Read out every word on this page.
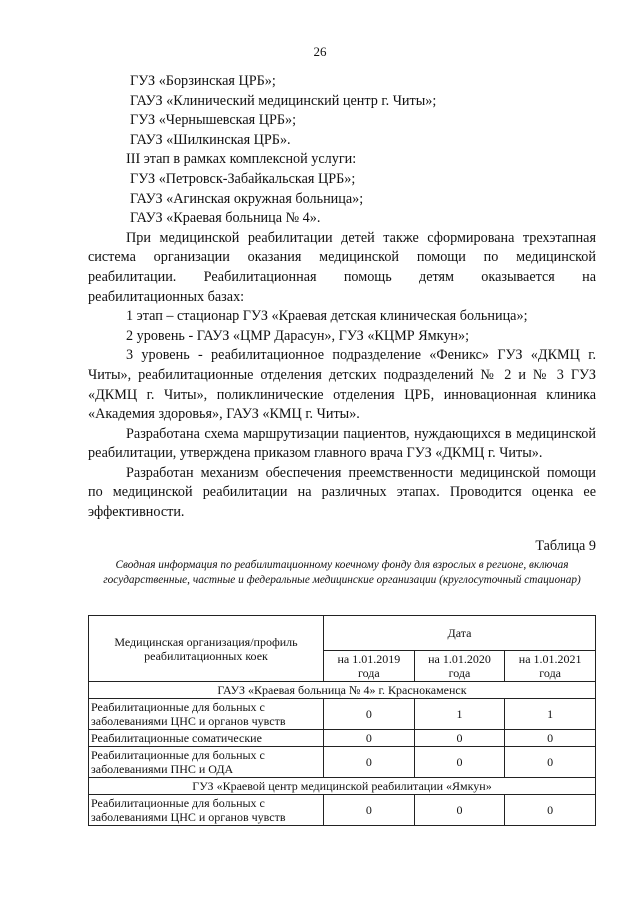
26

ГУЗ «Борзинская ЦРБ»;

ГАУЗ «Клинический медицинский центр г. Читы»;

ГУЗ «Чернышевская ЦРБ»;

ГАУЗ «Шилкинская ЦРБ».

III этап в рамках комплексной услуги:

ГУЗ «Петровск-Забайкальская ЦРБ»;

ГАУЗ «Агинская окружная больница»;

ГАУЗ «Краевая больница № 4».

При медицинской реабилитации детей также сформирована трехэтапная система организации оказания медицинской помощи по медицинской реабилитации. Реабилитационная помощь детям оказывается на реабилитационных базах:

1 этап – стационар ГУЗ «Краевая детская клиническая больница»;

2 уровень - ГАУЗ «ЦМР Дарасун», ГУЗ «КЦМР Ямкун»;

3 уровень - реабилитационное подразделение «Феникс» ГУЗ «ДКМЦ г. Читы», реабилитационные отделения детских подразделений № 2 и № 3 ГУЗ «ДКМЦ г. Читы», поликлинические отделения ЦРБ, инновационная клиника «Академия здоровья», ГАУЗ «КМЦ г. Читы».

Разработана схема маршрутизации пациентов, нуждающихся в медицинской реабилитации, утверждена приказом главного врача ГУЗ «ДКМЦ г. Читы».

Разработан механизм обеспечения преемственности медицинской помощи по медицинской реабилитации на различных этапах. Проводится оценка ее эффективности.

Таблица 9

Сводная информация по реабилитационному коечному фонду для взрослых в регионе, включая государственные, частные и федеральные медицинские организации (круглосуточный стационар)

Медицинская организация/профиль реабилитационных коек	Дата		
	на 1.01.2019 года	на 1.01.2020 года	на 1.01.2021 года
ГАУЗ «Краевая больница № 4» г. Краснокаменск			
Реабилитационные для больных с заболеваниями ЦНС и органов чувств	0	1	1
Реабилитационные соматические	0	0	0
Реабилитационные для больных с заболеваниями ПНС и ОДА	0	0	0
ГУЗ «Краевой центр медицинской реабилитации «Ямкун»			
Реабилитационные для больных с заболеваниями ЦНС и органов чувств	0	0	0
